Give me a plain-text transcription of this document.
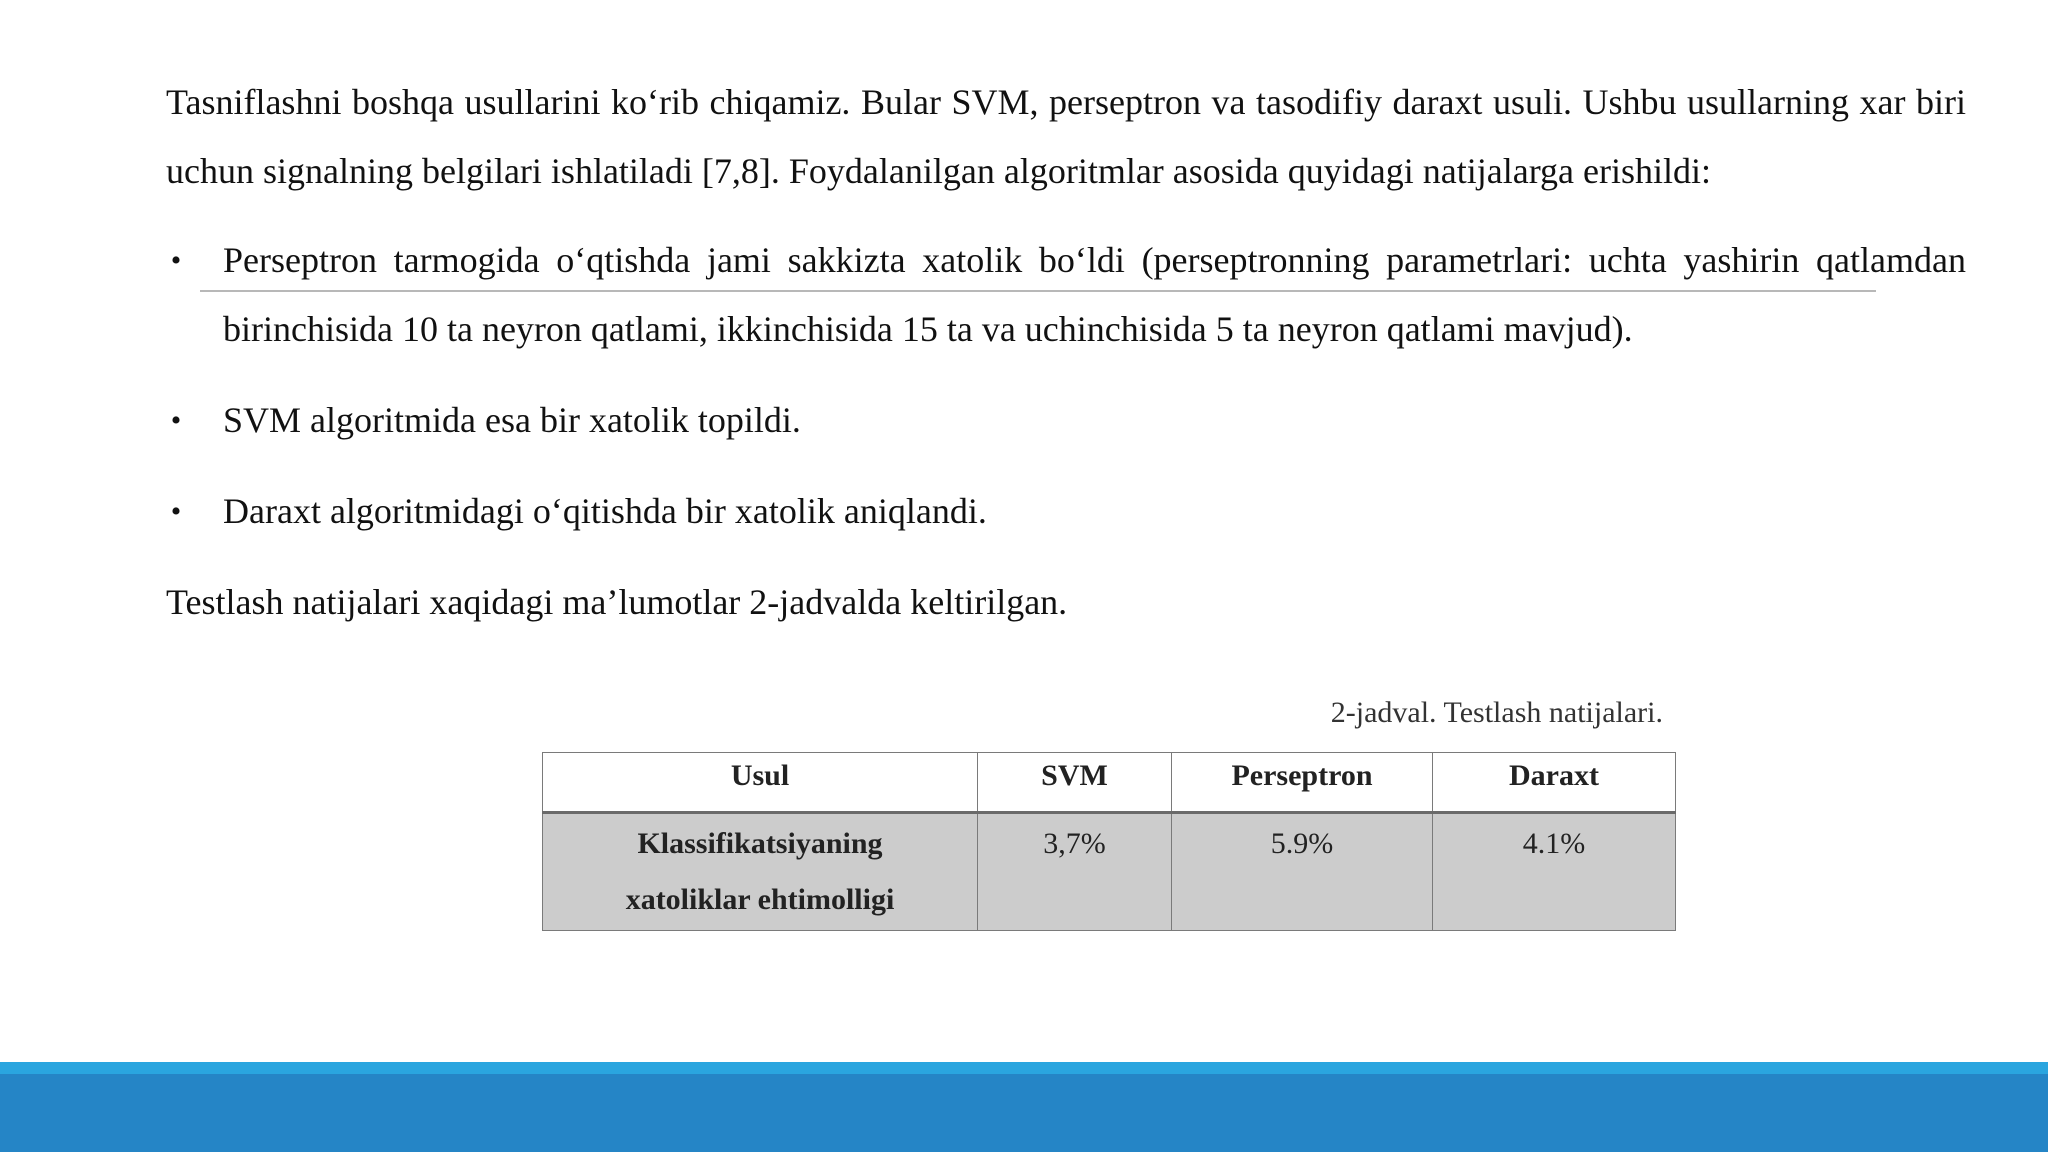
Tasniflashni boshqa usullarini ko‘rib chiqamiz. Bular SVM, perseptron va tasodifiy daraxt usuli. Ushbu usullarning xar biri uchun signalning belgilari ishlatiladi [7,8]. Foydalanilgan algoritmlar asosida quyidagi natijalarga erishildi:

• Perseptron tarmogida o‘qtishda jami sakkizta xatolik bo‘ldi (perseptronning parametrlari: uchta yashirin qatlamdan birinchisida 10 ta neyron qatlami, ikkinchisida 15 ta va uchinchisida 5 ta neyron qatlami mavjud).
• SVM algoritmida esa bir xatolik topildi.
• Daraxt algoritmidagi o‘qitishda bir xatolik aniqlandi.

Testlash natijalari xaqidagi ma’lumotlar 2-jadvalda keltirilgan.

2-jadval. Testlash natijalari.
Usul	SVM	Perseptron	Daraxt

Klassifikatsiyaning
xatoliklar ehtimolligi	3,7%	5.9%	4.1%
